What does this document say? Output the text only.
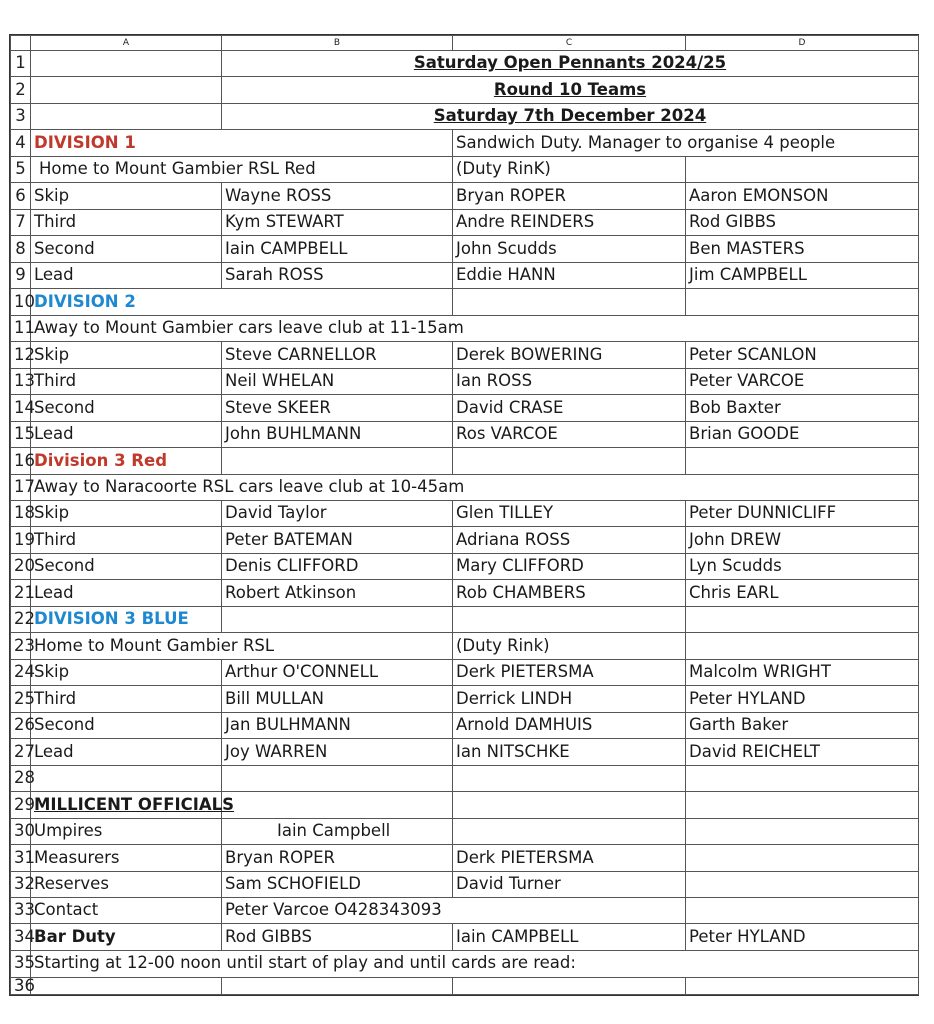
	A	B	C	D
1		Saturday Open Pennants 2024/25		
2		Round 10 Teams		
3		Saturday 7th December 2024		
4	DIVISION 1		Sandwich Duty. Manager to organise 4 people	
5	Home to Mount Gambier RSL Red		(Duty RinK)	
6	Skip	Wayne ROSS	Bryan ROPER	Aaron EMONSON
7	Third	Kym STEWART	Andre REINDERS	Rod GIBBS
8	Second	Iain CAMPBELL	John Scudds	Ben MASTERS
9	Lead	Sarah ROSS	Eddie HANN	Jim CAMPBELL
10	DIVISION 2			
11	Away to Mount Gambier cars leave club at 11-15am			
12	Skip	Steve CARNELLOR	Derek BOWERING	Peter SCANLON
13	Third	Neil WHELAN	Ian ROSS	Peter VARCOE
14	Second	Steve SKEER	David CRASE	Bob Baxter
15	Lead	John BUHLMANN	Ros VARCOE	Brian GOODE
16	Division 3 Red			
17	Away to Naracoorte RSL cars leave club at 10-45am			
18	Skip	David Taylor	Glen TILLEY	Peter DUNNICLIFF
19	Third	Peter BATEMAN	Adriana ROSS	John DREW
20	Second	Denis CLIFFORD	Mary CLIFFORD	Lyn Scudds
21	Lead	Robert Atkinson	Rob CHAMBERS	Chris EARL
22	DIVISION 3 BLUE			
23	Home to Mount Gambier RSL		(Duty Rink)	
24	Skip	Arthur O'CONNELL	Derk PIETERSMA	Malcolm WRIGHT
25	Third	Bill MULLAN	Derrick LINDH	Peter HYLAND
26	Second	Jan BULHMANN	Arnold DAMHUIS	Garth Baker
27	Lead	Joy WARREN	Ian NITSCHKE	David REICHELT
28				
29	MILLICENT OFFICIALS			
30	Umpires	Iain Campbell		
31	Measurers	Bryan ROPER	Derk PIETERSMA	
32	Reserves	Sam SCHOFIELD	David Turner	
33	Contact	Peter Varcoe O428343093		
34	Bar Duty	Rod GIBBS	Iain CAMPBELL	Peter HYLAND
35	Starting at 12-00 noon until start of play and until cards are read:			
36				
